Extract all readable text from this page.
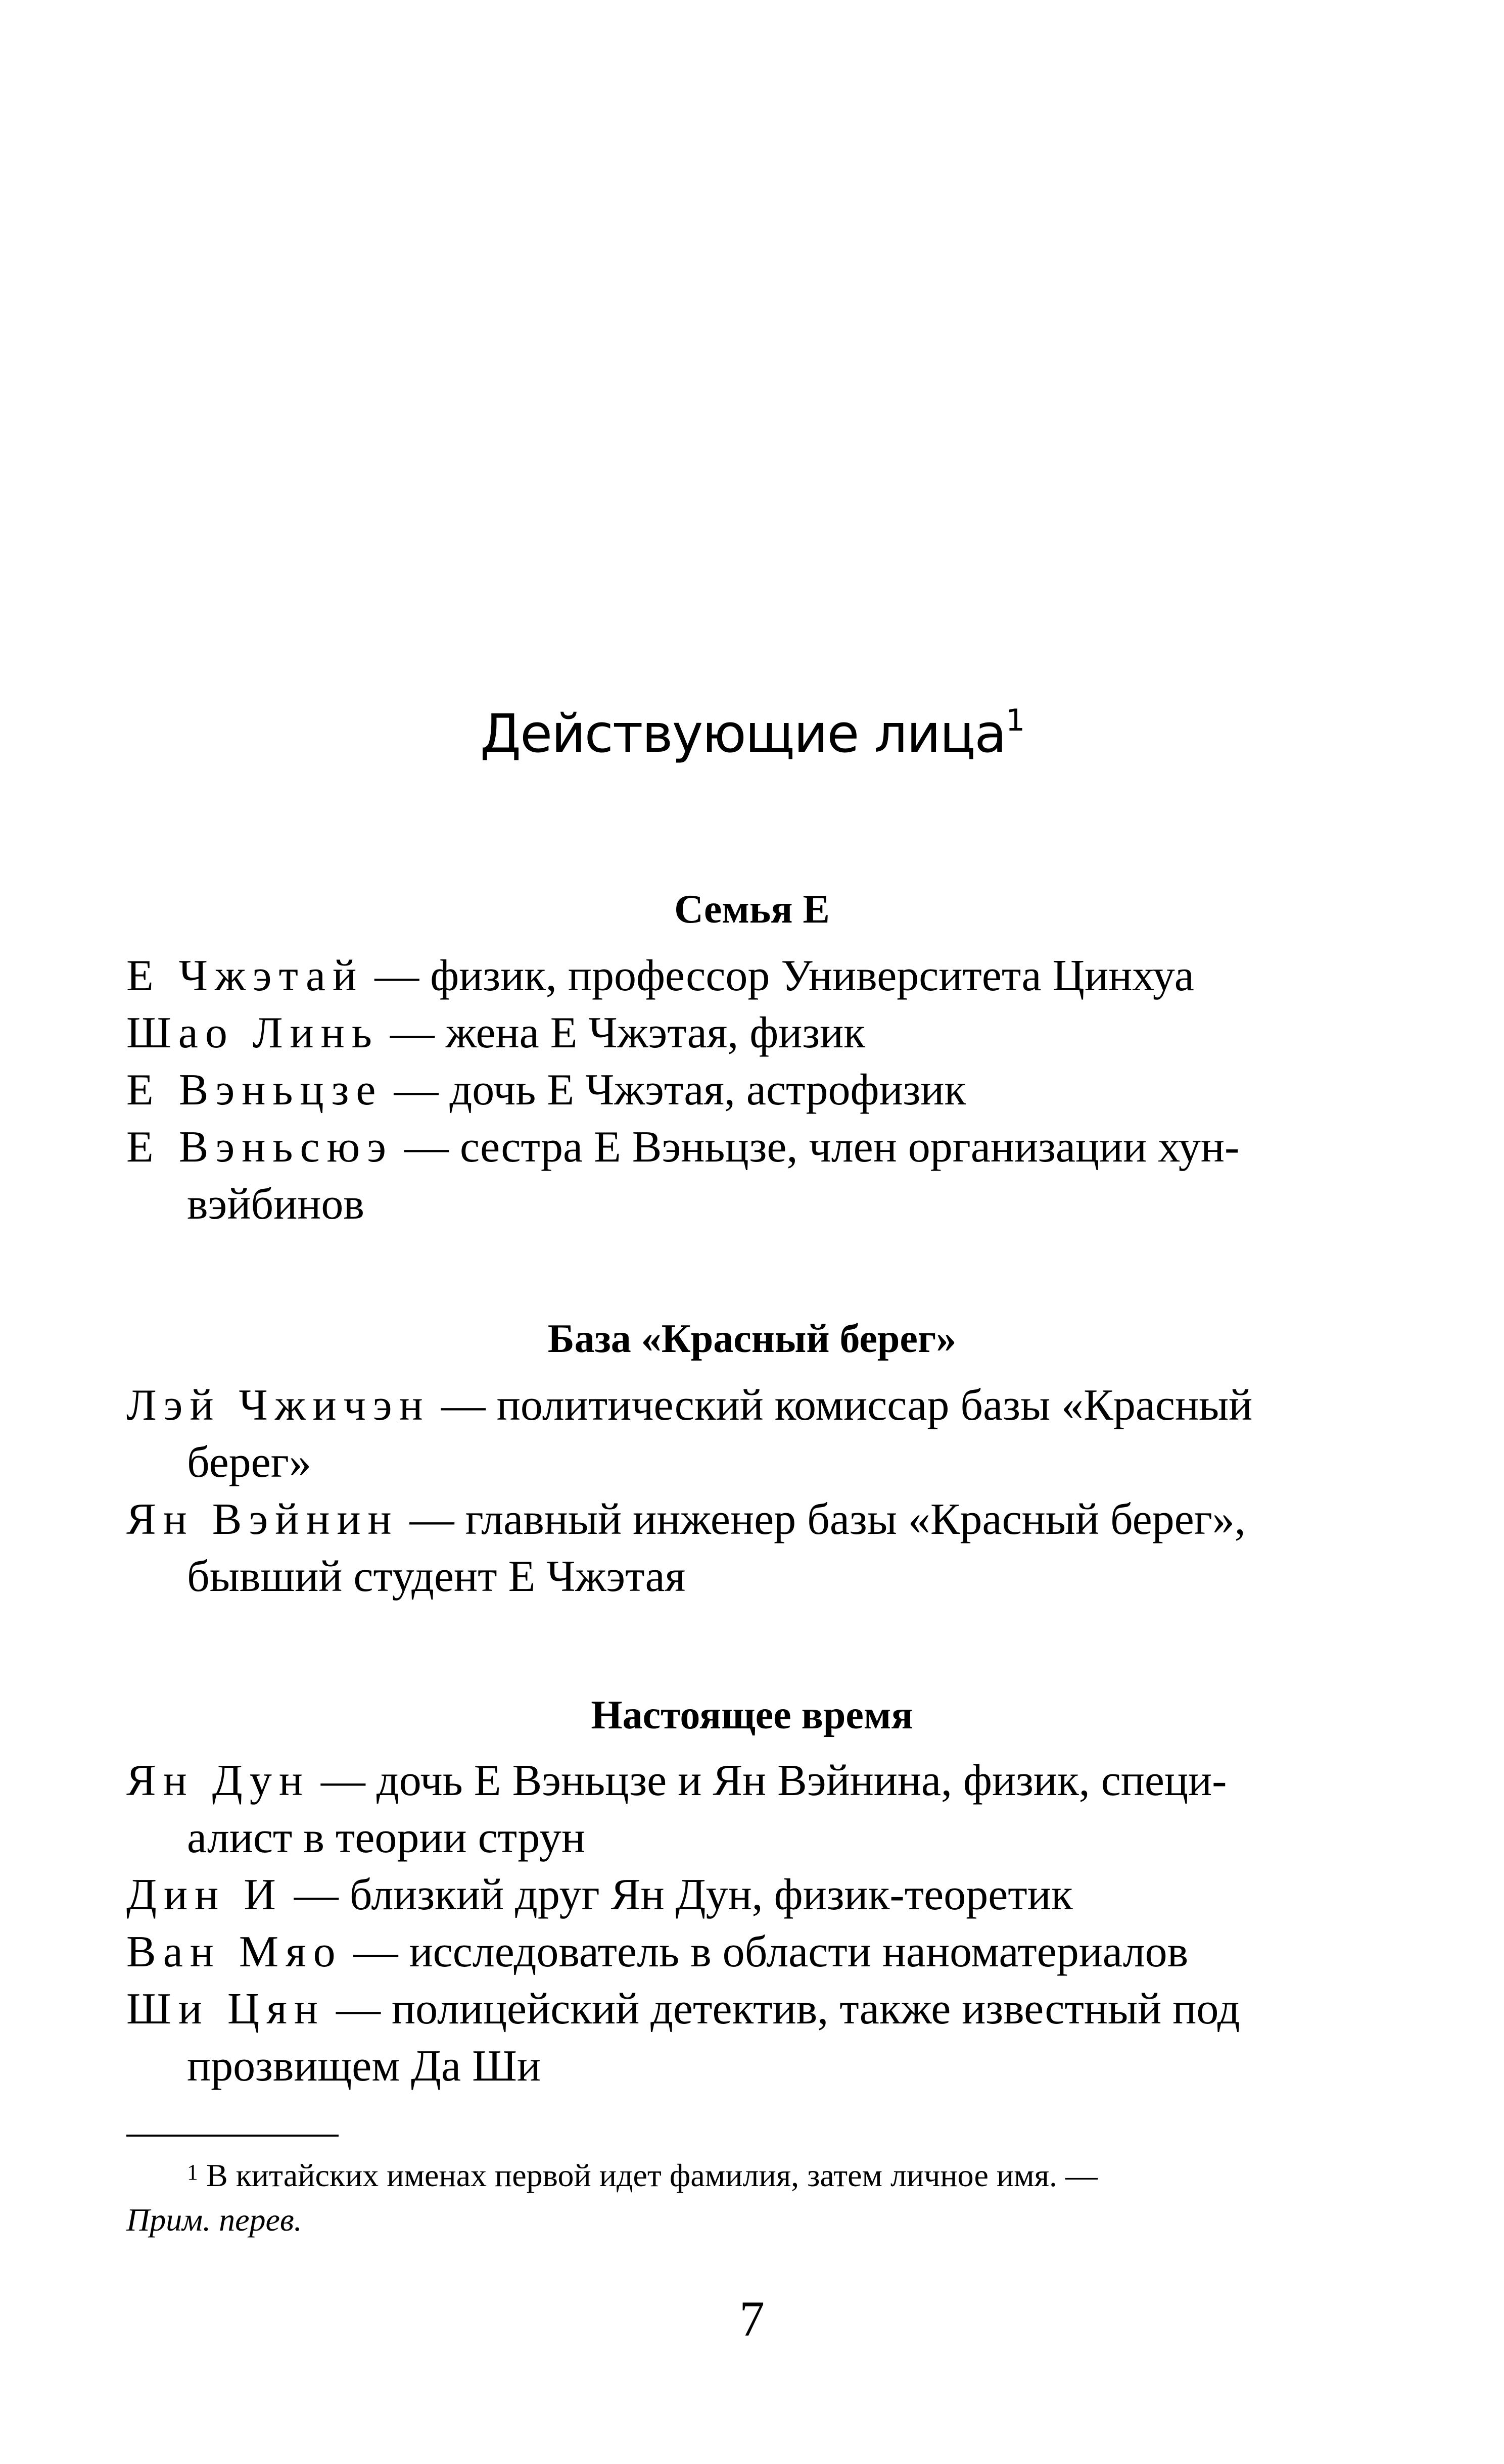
Действующие лица$^1$
Семья Е
Е Чжэтай — физик, профессор Университета Цинхуа
Шао Линь — жена Е Чжэтая, физик
Е Вэньцзе — дочь Е Чжэтая, астрофизик
Е Вэньсюэ — сестра Е Вэньцзе, член организации хун-
вэйбинов
База «Красный берег»
Лэй Чжичэн — политический комиссар базы «Красный
берег»
Ян Вэйнин — главный инженер базы «Красный берег»,
бывший студент Е Чжэтая
Настоящее время
Ян Дун — дочь Е Вэньцзе и Ян Вэйнина, физик, специ-
алист в теории струн
Дин И — близкий друг Ян Дун, физик-теоретик
Ван Мяо — исследователь в области наноматериалов
Ши Цян — полицейский детектив, также известный под
прозвищем Да Ши
$^1$ В китайских именах первой идет фамилия, затем личное имя. —
Прим. перев.
7
